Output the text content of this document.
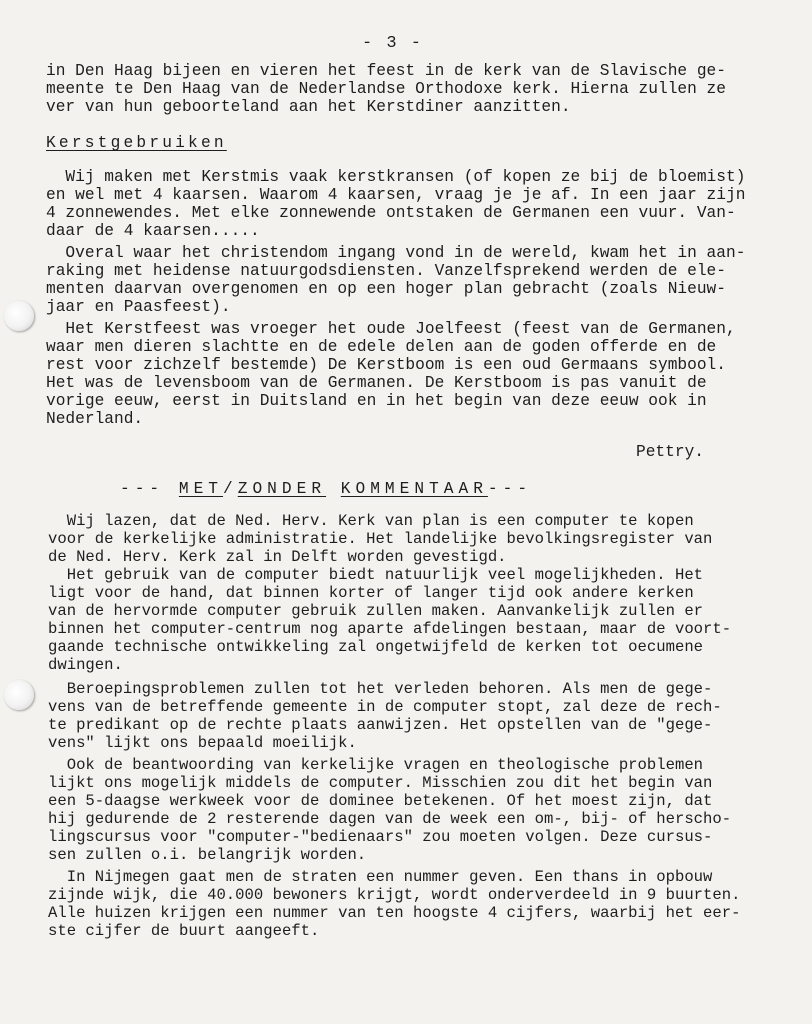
- 3 -
in Den Haag bijeen en vieren het feest in de kerk van de Slavische ge-
meente te Den Haag van de Nederlandse Orthodoxe kerk. Hierna zullen ze
ver van hun geboorteland aan het Kerstdiner aanzitten.
Kerstgebruiken
Wij maken met Kerstmis vaak kerstkransen (of kopen ze bij de bloemist)
en wel met 4 kaarsen. Waarom 4 kaarsen, vraag je je af. In een jaar zijn
4 zonnewendes. Met elke zonnewende ontstaken de Germanen een vuur. Van-
daar de 4 kaarsen.....
Overal waar het christendom ingang vond in de wereld, kwam het in aan-
raking met heidense natuurgodsdiensten. Vanzelfsprekend werden de ele-
menten daarvan overgenomen en op een hoger plan gebracht (zoals Nieuw-
jaar en Paasfeest).
Het Kerstfeest was vroeger het oude Joelfeest (feest van de Germanen,
waar men dieren slachtte en de edele delen aan de goden offerde en de
rest voor zichzelf bestemde) De Kerstboom is een oud Germaans symbool.
Het was de levensboom van de Germanen. De Kerstboom is pas vanuit de
vorige eeuw, eerst in Duitsland en in het begin van deze eeuw ook in
Nederland.
Pettry.
--- MET/ZONDER KOMMENTAAR---
Wij lazen, dat de Ned. Herv. Kerk van plan is een computer te kopen
voor de kerkelijke administratie. Het landelijke bevolkingsregister van
de Ned. Herv. Kerk zal in Delft worden gevestigd.
Het gebruik van de computer biedt natuurlijk veel mogelijkheden. Het
ligt voor de hand, dat binnen korter of langer tijd ook andere kerken
van de hervormde computer gebruik zullen maken. Aanvankelijk zullen er
binnen het computer-centrum nog aparte afdelingen bestaan, maar de voort-
gaande technische ontwikkeling zal ongetwijfeld de kerken tot oecumene
dwingen.
Beroepingsproblemen zullen tot het verleden behoren. Als men de gege-
vens van de betreffende gemeente in de computer stopt, zal deze de rech-
te predikant op de rechte plaats aanwijzen. Het opstellen van de "gege-
vens" lijkt ons bepaald moeilijk.
Ook de beantwoording van kerkelijke vragen en theologische problemen
lijkt ons mogelijk middels de computer. Misschien zou dit het begin van
een 5-daagse werkweek voor de dominee betekenen. Of het moest zijn, dat
hij gedurende de 2 resterende dagen van de week een om-, bij- of herscho-
lingscursus voor "computer-"bedienaars" zou moeten volgen. Deze cursus-
sen zullen o.i. belangrijk worden.
In Nijmegen gaat men de straten een nummer geven. Een thans in opbouw
zijnde wijk, die 40.000 bewoners krijgt, wordt onderverdeeld in 9 buurten.
Alle huizen krijgen een nummer van ten hoogste 4 cijfers, waarbij het eer-
ste cijfer de buurt aangeeft.
